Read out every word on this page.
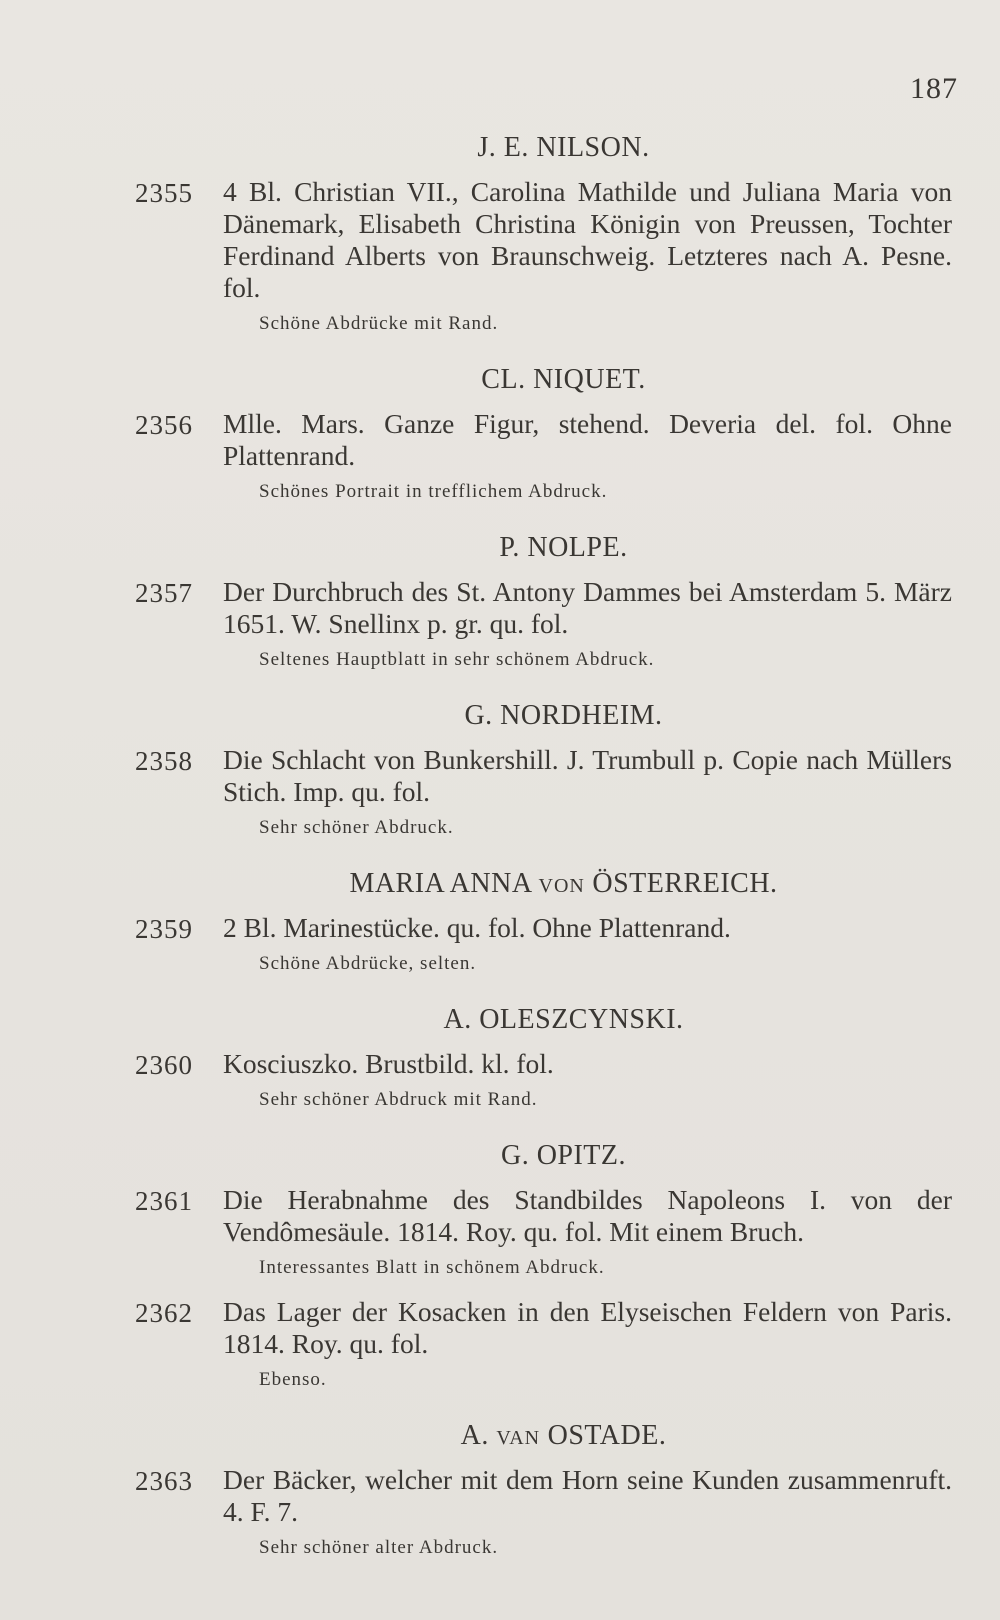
187
J. E. NILSON.
2355 4 Bl. Christian VII., Carolina Mathilde und Juliana Maria von Dänemark, Elisabeth Christina Königin von Preussen, Tochter Ferdinand Alberts von Braunschweig. Letzteres nach A. Pesne. fol.

Schöne Abdrücke mit Rand.
CL. NIQUET.
2356 Mlle. Mars. Ganze Figur, stehend. Deveria del. fol. Ohne Plattenrand.

Schönes Portrait in trefflichem Abdruck.
P. NOLPE.
2357 Der Durchbruch des St. Antony Dammes bei Amsterdam 5. März 1651. W. Snellinx p. gr. qu. fol.

Seltenes Hauptblatt in sehr schönem Abdruck.
G. NORDHEIM.
2358 Die Schlacht von Bunkershill. J. Trumbull p. Copie nach Müllers Stich. Imp. qu. fol.

Sehr schöner Abdruck.
MARIA ANNA VON ÖSTERREICH.
2359 2 Bl. Marinestücke. qu. fol. Ohne Plattenrand.

Schöne Abdrücke, selten.
A. OLESZCYNSKI.
2360 Kosciuszko. Brustbild. kl. fol.

Sehr schöner Abdruck mit Rand.
G. OPITZ.
2361 Die Herabnahme des Standbildes Napoleons I. von der Vendômesäule. 1814. Roy. qu. fol. Mit einem Bruch.

Interessantes Blatt in schönem Abdruck.
2362 Das Lager der Kosacken in den Elyseischen Feldern von Paris. 1814. Roy. qu. fol.

Ebenso.
A. VAN OSTADE.
2363 Der Bäcker, welcher mit dem Horn seine Kunden zusammenruft. 4. F. 7.

Sehr schöner alter Abdruck.
